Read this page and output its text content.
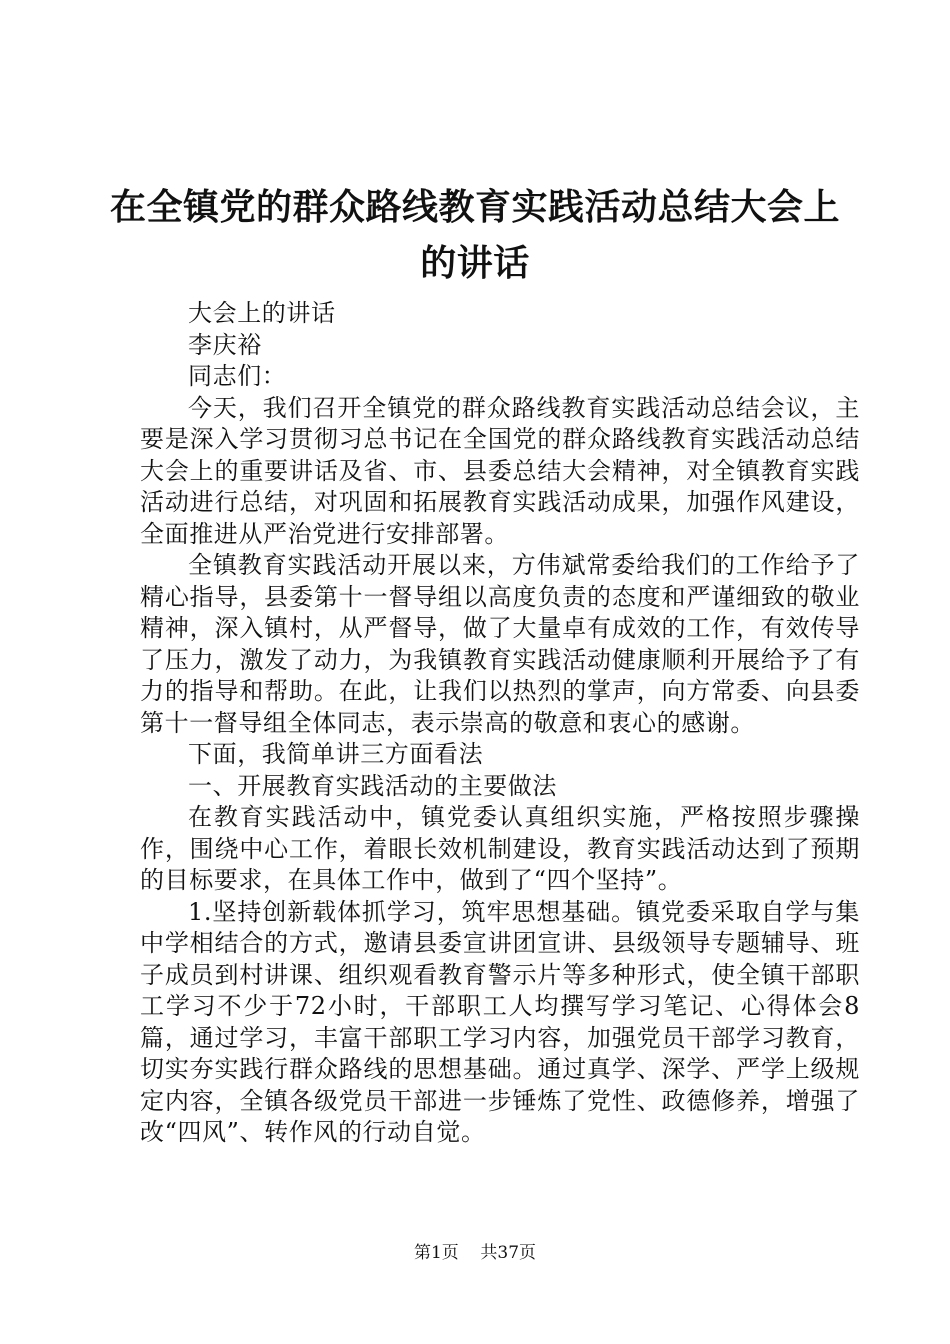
在全镇党的群众路线教育实践活动总结大会上
的讲话

大会上的讲话

李庆裕

同志们：

今天，我们召开全镇党的群众路线教育实践活动总结会议，主要是深入学习贯彻习总书记在全国党的群众路线教育实践活动总结大会上的重要讲话及省、市、县委总结大会精神，对全镇教育实践活动进行总结，对巩固和拓展教育实践活动成果，加强作风建设，全面推进从严治党进行安排部署。

全镇教育实践活动开展以来，方伟斌常委给我们的工作给予了精心指导，县委第十一督导组以高度负责的态度和严谨细致的敬业精神，深入镇村，从严督导，做了大量卓有成效的工作，有效传导了压力，激发了动力，为我镇教育实践活动健康顺利开展给予了有力的指导和帮助。在此，让我们以热烈的掌声，向方常委、向县委第十一督导组全体同志，表示崇高的敬意和衷心的感谢。

下面，我简单讲三方面看法

一、开展教育实践活动的主要做法

在教育实践活动中，镇党委认真组织实施，严格按照步骤操作，围绕中心工作，着眼长效机制建设，教育实践活动达到了预期的目标要求，在具体工作中，做到了“四个坚持”。

1.坚持创新载体抓学习，筑牢思想基础。镇党委采取自学与集中学相结合的方式，邀请县委宣讲团宣讲、县级领导专题辅导、班子成员到村讲课、组织观看教育警示片等多种形式，使全镇干部职工学习不少于72小时，干部职工人均撰写学习笔记、心得体会8篇，通过学习，丰富干部职工学习内容，加强党员干部学习教育，切实夯实践行群众路线的思想基础。通过真学、深学、严学上级规定内容，全镇各级党员干部进一步锤炼了党性、政德修养，增强了改“四风”、转作风的行动自觉。

第1页 共37页
